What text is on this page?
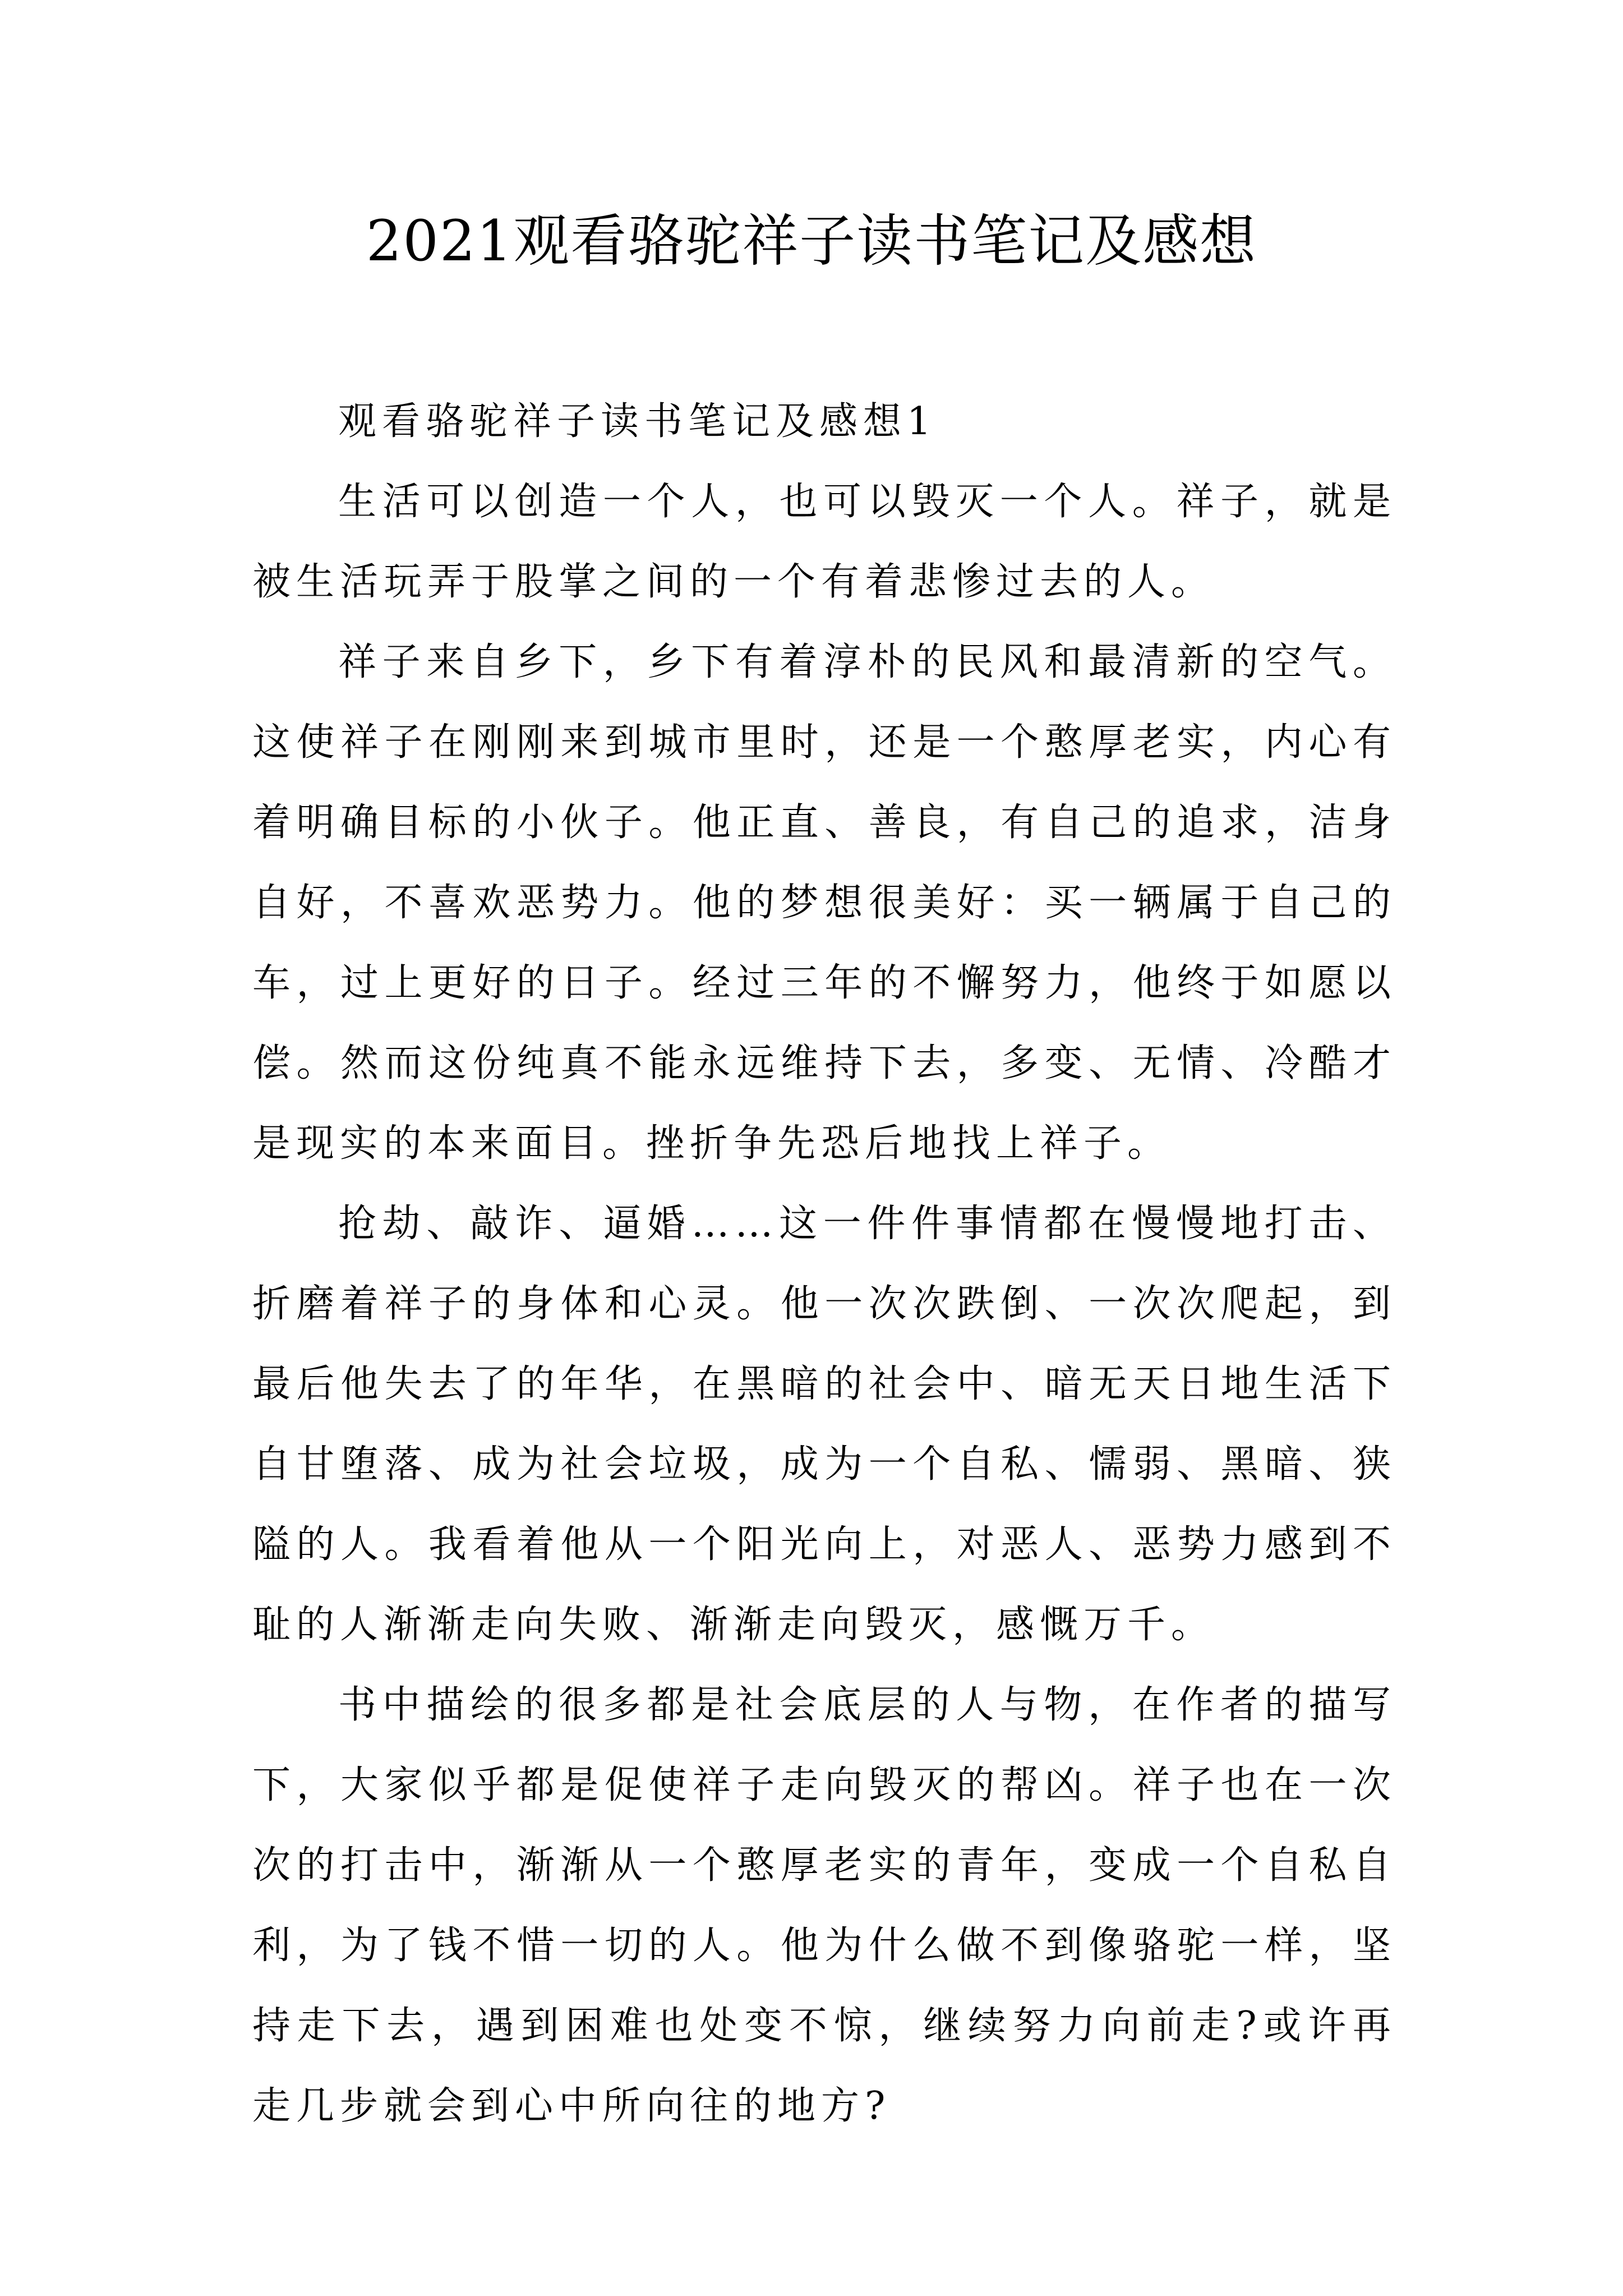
2021观看骆驼祥子读书笔记及感想

观看骆驼祥子读书笔记及感想1

生活可以创造一个人，也可以毁灭一个人。祥子，就是被生活玩弄于股掌之间的一个有着悲惨过去的人。

祥子来自乡下，乡下有着淳朴的民风和最清新的空气。这使祥子在刚刚来到城市里时，还是一个憨厚老实，内心有着明确目标的小伙子。他正直、善良，有自己的追求，洁身自好，不喜欢恶势力。他的梦想很美好：买一辆属于自己的车，过上更好的日子。经过三年的不懈努力，他终于如愿以偿。然而这份纯真不能永远维持下去，多变、无情、冷酷才是现实的本来面目。挫折争先恐后地找上祥子。

抢劫、敲诈、逼婚……这一件件事情都在慢慢地打击、折磨着祥子的身体和心灵。他一次次跌倒、一次次爬起，到最后他失去了的年华，在黑暗的社会中、暗无天日地生活下自甘堕落、成为社会垃圾，成为一个自私、懦弱、黑暗、狭隘的人。我看着他从一个阳光向上，对恶人、恶势力感到不耻的人渐渐走向失败、渐渐走向毁灭，感慨万千。

书中描绘的很多都是社会底层的人与物，在作者的描写下，大家似乎都是促使祥子走向毁灭的帮凶。祥子也在一次次的打击中，渐渐从一个憨厚老实的青年，变成一个自私自利，为了钱不惜一切的人。他为什么做不到像骆驼一样，坚持走下去，遇到困难也处变不惊，继续努力向前走?或许再走几步就会到心中所向往的地方?
